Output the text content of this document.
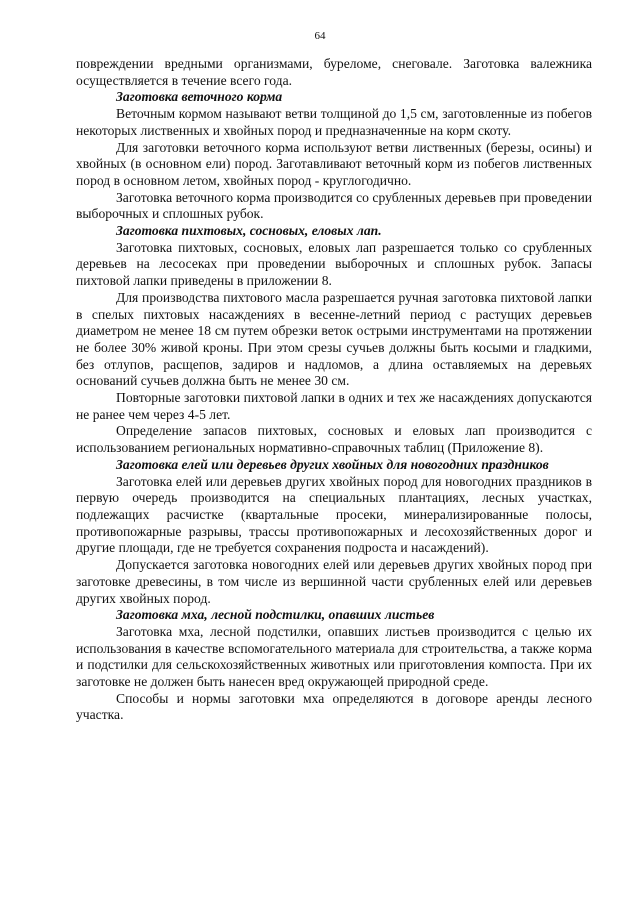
64

повреждении вредными организмами, буреломе, снеговале. Заготовка валежника осуществляется в течение всего года.

Заготовка веточного корма

Веточным кормом называют ветви толщиной до 1,5 см, заготовленные из побегов некоторых лиственных и хвойных пород и предназначенные на корм скоту.

Для заготовки веточного корма используют ветви лиственных (березы, осины) и хвойных (в основном ели) пород. Заготавливают веточный корм из побегов лиственных пород в основном летом, хвойных пород - круглогодично.

Заготовка веточного корма производится со срубленных деревьев при проведении выборочных и сплошных рубок.

Заготовка пихтовых, сосновых, еловых лап.

Заготовка пихтовых, сосновых, еловых лап разрешается только со срубленных деревьев на лесосеках при проведении выборочных и сплошных рубок. Запасы пихтовой лапки приведены в приложении 8.

Для производства пихтового масла разрешается ручная заготовка пихтовой лапки в спелых пихтовых насаждениях в весенне-летний период с растущих деревьев диаметром не менее 18 см путем обрезки веток острыми инструментами на протяжении не более 30% живой кроны. При этом срезы сучьев должны быть косыми и гладкими, без отлупов, расщепов, задиров и надломов, а длина оставляемых на деревьях оснований сучьев должна быть не менее 30 см.

Повторные заготовки пихтовой лапки в одних и тех же насаждениях допускаются не ранее чем через 4-5 лет.

Определение запасов пихтовых, сосновых и еловых лап производится с использованием региональных нормативно-справочных таблиц (Приложение 8).

Заготовка елей или деревьев других хвойных для новогодних праздников

Заготовка елей или деревьев других хвойных пород для новогодних праздников в первую очередь производится на специальных плантациях, лесных участках, подлежащих расчистке (квартальные просеки, минерализированные полосы, противопожарные разрывы, трассы противопожарных и лесохозяйственных дорог и другие площади, где не требуется сохранения подроста и насаждений).

Допускается заготовка новогодних елей или деревьев других хвойных пород при заготовке древесины, в том числе из вершинной части срубленных елей или деревьев других хвойных пород.

Заготовка мха, лесной подстилки, опавших листьев

Заготовка мха, лесной подстилки, опавших листьев производится с целью их использования в качестве вспомогательного материала для строительства, а также корма и подстилки для сельскохозяйственных животных или приготовления компоста. При их заготовке не должен быть нанесен вред окружающей природной среде.

Способы и нормы заготовки мха определяются в договоре аренды лесного участка.
